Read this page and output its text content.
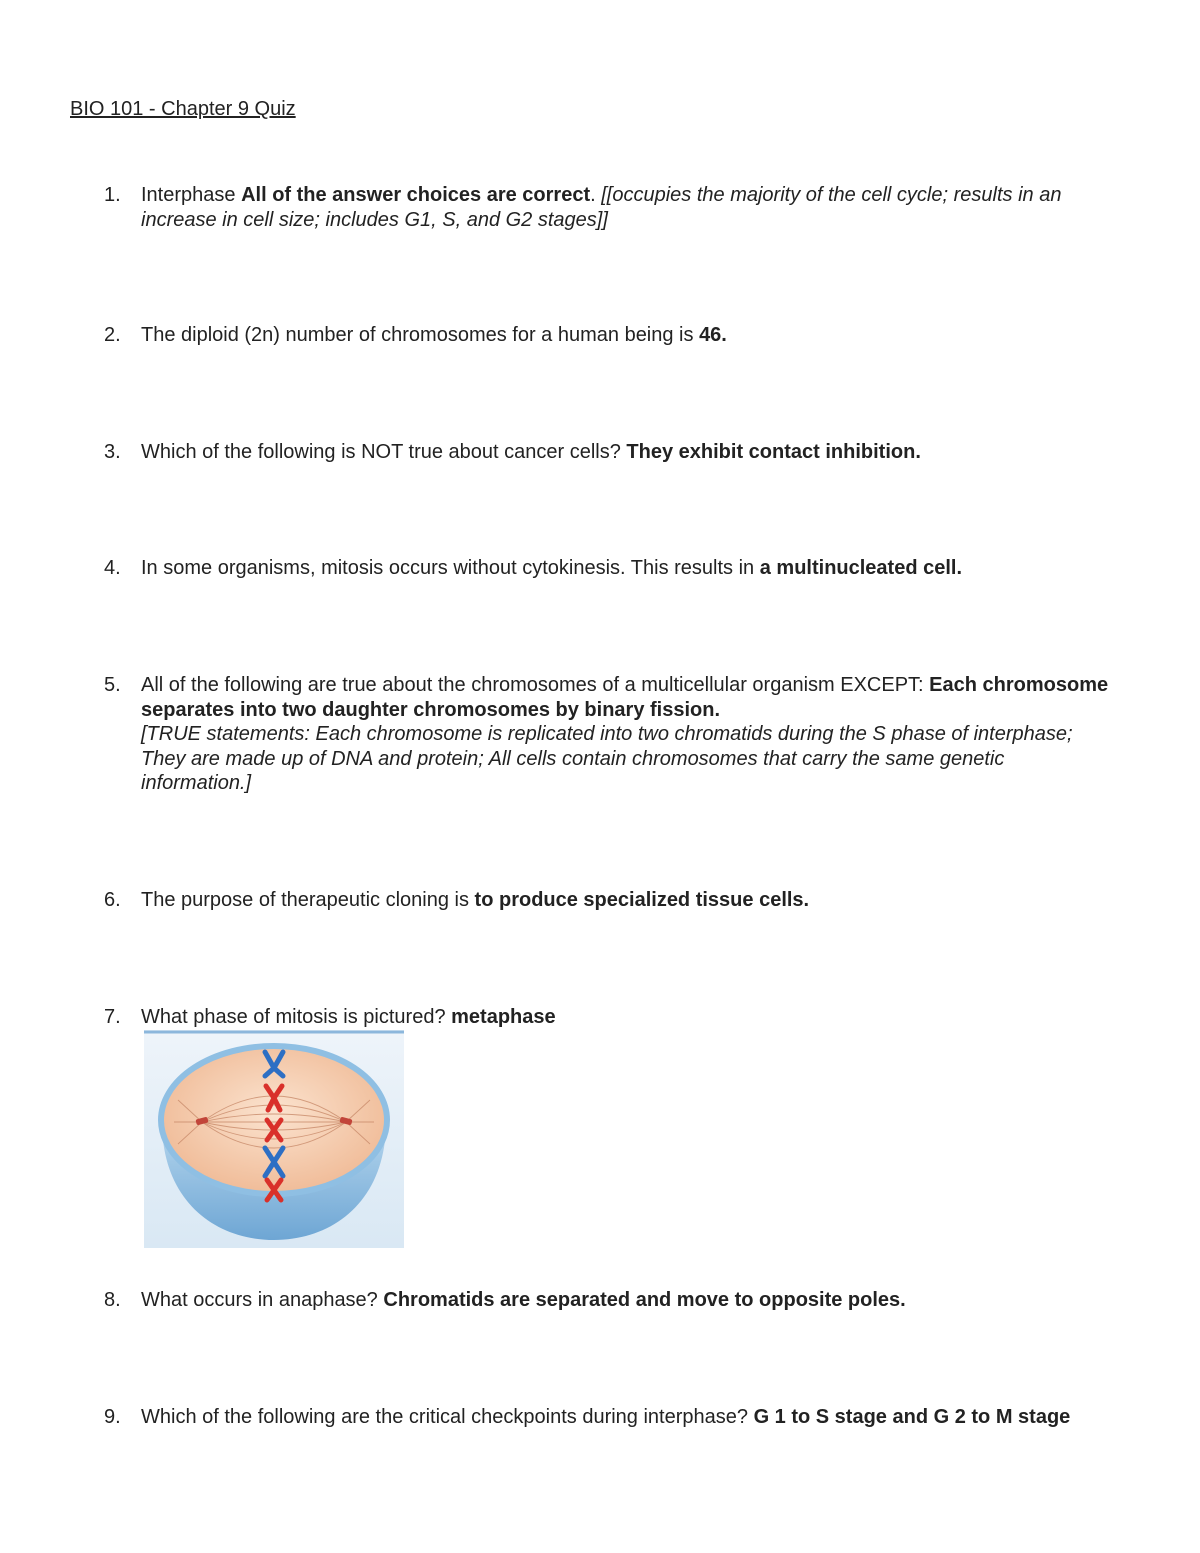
BIO 101 - Chapter 9 Quiz
1.	Interphase All of the answer choices are correct. [[occupies the majority of the cell cycle; results in an increase in cell size; includes G1, S, and G2 stages]]
2.	The diploid (2n) number of chromosomes for a human being is 46.
3.	Which of the following is NOT true about cancer cells? They exhibit contact inhibition.
4.	In some organisms, mitosis occurs without cytokinesis. This results in a multinucleated cell.
5.	All of the following are true about the chromosomes of a multicellular organism EXCEPT: Each chromosome separates into two daughter chromosomes by binary fission.
[TRUE statements: Each chromosome is replicated into two chromatids during the S phase of interphase; They are made up of DNA and protein; All cells contain chromosomes that carry the same genetic information.]
6.	The purpose of therapeutic cloning is to produce specialized tissue cells.
7.	What phase of mitosis is pictured? metaphase
8.	What occurs in anaphase? Chromatids are separated and move to opposite poles.
9.	Which of the following are the critical checkpoints during interphase? G 1 to S stage and G 2 to M stage
